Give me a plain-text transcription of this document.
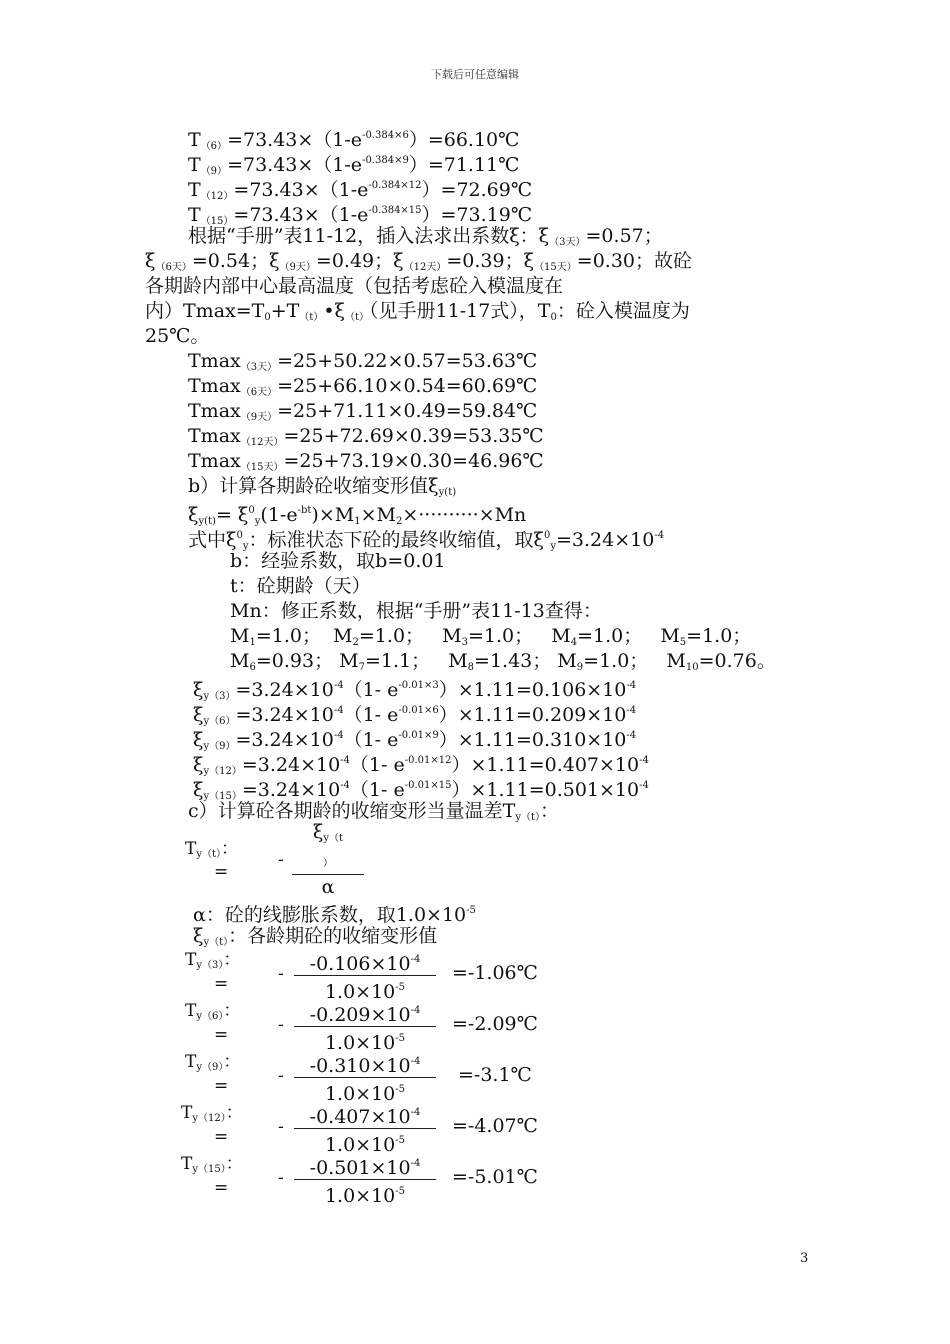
下载后可任意编辑
$T_{(6)}=73.43\times(1-e^{-0.384\times 6})=66.10℃$
$T_{(9)}=73.43\times(1-e^{-0.384\times 9})=71.11℃$
$T_{(12)}=73.43\times(1-e^{-0.384\times 12})=72.69℃$
$T_{(15)}=73.43\times(1-e^{-0.384\times 15})=73.19℃$
根据“手册”表11-12，插入法求出系数ξ：$\xi_{(3天)}=0.57$；
$\xi_{(6天)}=0.54$；$\xi_{(9天)}=0.49$；$\xi_{(12天)}=0.39$；$\xi_{(15天)}=0.30$；故砼
各期龄内部中心最高温度（包括考虑砼入模温度在
内）$Tmax=T_0+T_{(t)}•\xi_{(t)}$（见手册11-17式），$T_0$：砼入模温度为
25℃。
Tmax$_{(3天)}$=25+50.22×0.57=53.63℃
Tmax$_{(6天)}$=25+66.10×0.54=60.69℃
Tmax$_{(9天)}$=25+71.11×0.49=59.84℃
Tmax$_{(12天)}$=25+72.69×0.39=53.35℃
Tmax$_{(15天)}$=25+73.19×0.30=46.96℃
b）计算各期龄砼收缩变形值$\xi_{y(t)}$
$\xi_{y(t)}= \xi^0_y(1-e^{-bt})\times M_1\times M_2\times\cdot\cdot\cdot\cdot\cdot\cdot\cdot\cdot\cdot\cdot\times Mn$
式中$\xi^0_y$：标准状态下砼的最终收缩值，取$\xi^0_y=3.24\times 10^{-4}$
b：经验系数，取b=0.01
t：砼期龄（天）
Mn：修正系数，根据“手册”表11-13查得：
$M_1=1.0$；  $M_2=1.0$；   $M_3=1.0$；   $M_4=1.0$；   $M_5=1.0$；
$M_6=0.93$； $M_7=1.1$；   $M_8=1.43$； $M_9=1.0$；   $M_{10}=0.76$。
$\xi_{y(3)}=3.24\times 10^{-4}(1-$ $e^{-0.01\times 3})\times 1.11=0.106\times 10^{-4}$
$\xi_{y(6)}=3.24\times 10^{-4}(1-$ $e^{-0.01\times 6})\times 1.11=0.209\times 10^{-4}$
$\xi_{y(9)}=3.24\times 10^{-4}(1-$ $e^{-0.01\times 9})\times 1.11=0.310\times 10^{-4}$
$\xi_{y(12)}=3.24\times 10^{-4}(1-$ $e^{-0.01\times 12})\times 1.11=0.407\times 10^{-4}$
$\xi_{y(15)}=3.24\times 10^{-4}(1-$ $e^{-0.01\times 15})\times 1.11=0.501\times 10^{-4}$
c）计算砼各期龄的收缩变形当量温差$T_{y(t)}$：
$T_{y(t)}$：
=
- $\xi_{y(t}$
$_)$
α
α：砼的线膨胀系数，取$1.0\times 10^{-5}$
$\xi_{y(t)}$：各龄期砼的收缩变形值
$T_{y(3)}$：
=	- $\frac{-0.106\times 10^{-4}}{1.0\times 10^{-5}}$ =-1.06℃
$T_{y(6)}$：
=	- $\frac{-0.209\times 10^{-4}}{1.0\times 10^{-5}}$ =-2.09℃
$T_{y(9)}$：
=	- $\frac{-0.310\times 10^{-4}}{1.0\times 10^{-5}}$ =-3.1℃
$T_{y(12)}$：
=	- $\frac{-0.407\times 10^{-4}}{1.0\times 10^{-5}}$ =-4.07℃
$T_{y(15)}$：
=	- $\frac{-0.501\times 10^{-4}}{1.0\times 10^{-5}}$ =-5.01℃
3
